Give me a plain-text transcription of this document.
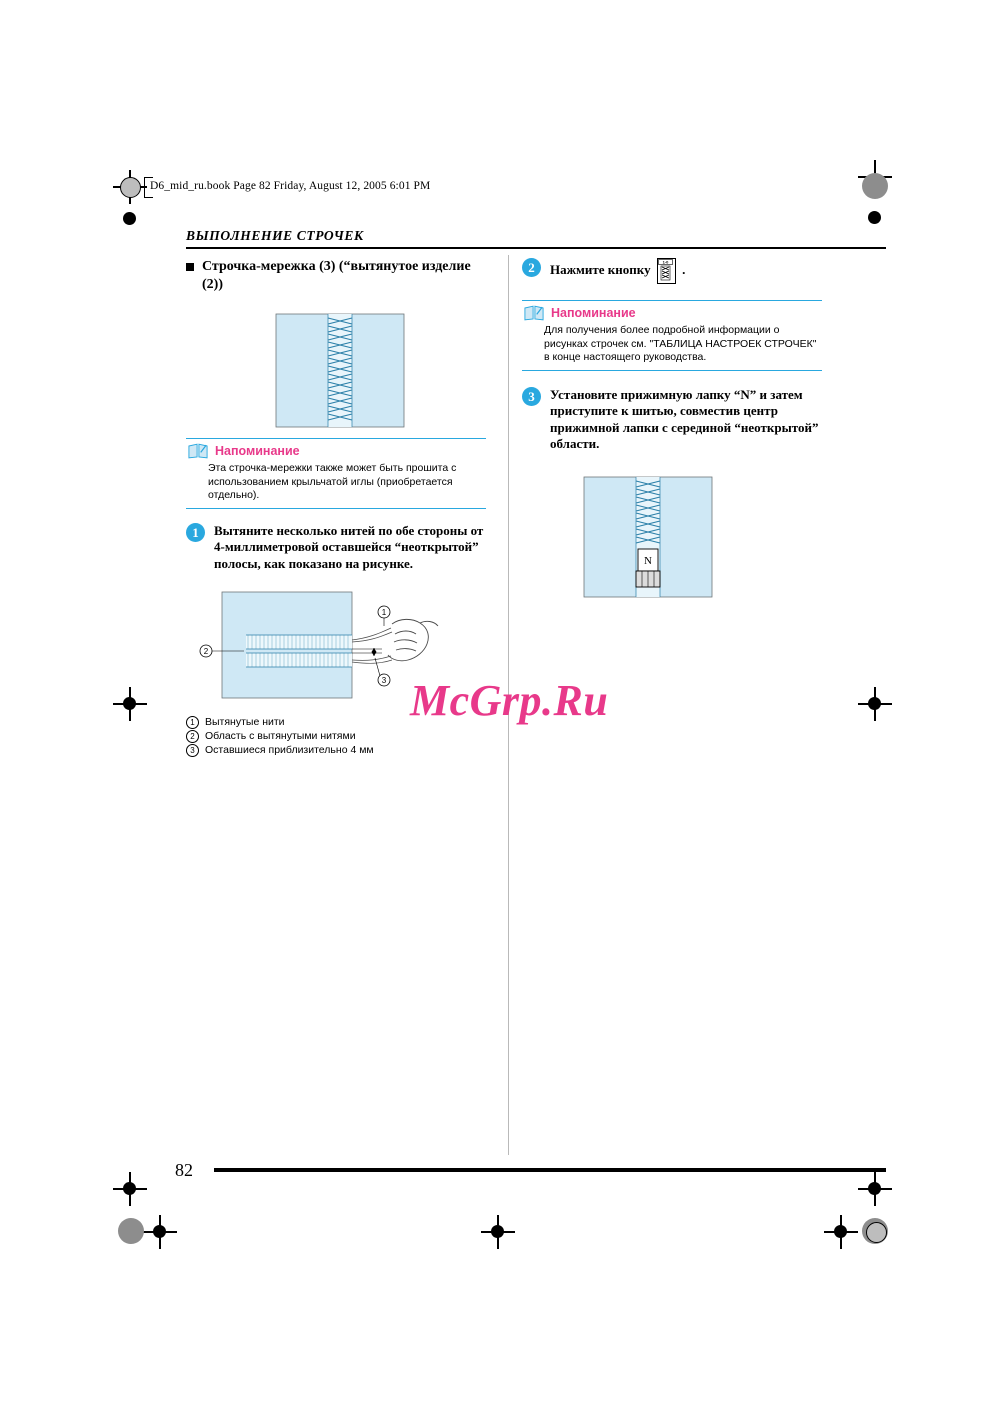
D6_mid_ru.book Page 82 Friday, August 12, 2005 6:01 PM
ВЫПОЛНЕНИЕ СТРОЧЕК
Строчка-мережка (3) (“вытянутое изделие (2))
Напоминание
Эта строчка-мережки также может быть прошита с использованием крыльчатой иглы (приобретается отдельно).
1	Вытяните несколько нитей по обе стороны от 4-миллиметровой оставшейся “неоткрытой” полосы, как показано на рисунке.
1
2
3
1 Вытянутые нити
2 Область с вытянутыми нитями
3 Оставшиеся приблизительно 4 мм
2	Нажмите кнопку	1-0 .
Напоминание
Для получения более подробной информации о рисунках строчек см. "ТАБЛИЦА НАСТРОЕК СТРОЧЕК" в конце настоящего руководства.
3	Установите прижимную лапку “N” и затем приступите к шитью, совместив центр прижимной лапки с серединой “неоткрытой” области.
N
McGrp.Ru
82
